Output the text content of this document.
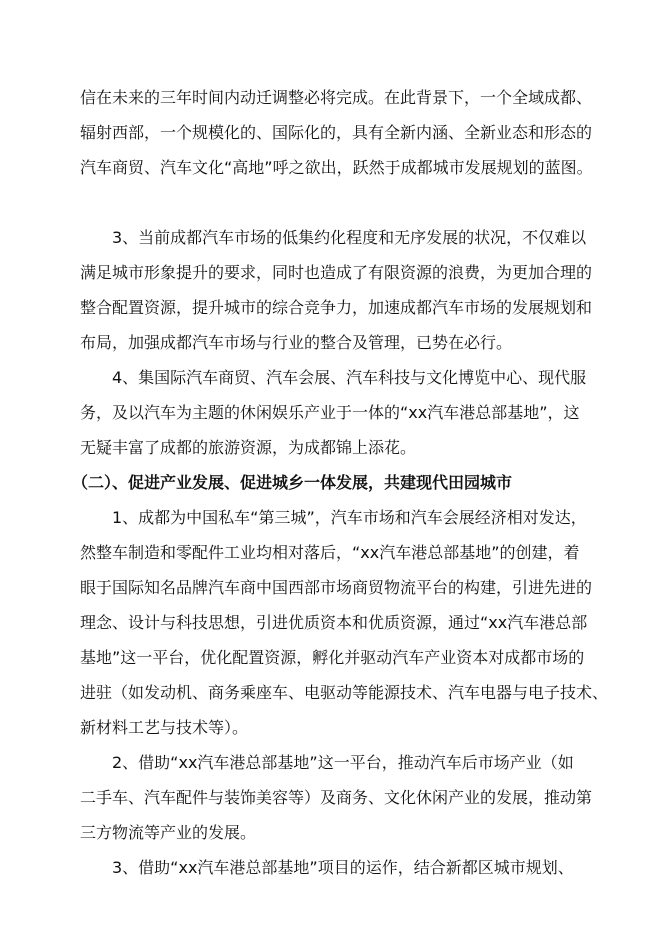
信在未来的三年时间内动迁调整必将完成。在此背景下，一个全域成都、
辐射西部，一个规模化的、国际化的，具有全新内涵、全新业态和形态的
汽车商贸、汽车文化“高地”呼之欲出，跃然于成都城市发展规划的蓝图。
3、当前成都汽车市场的低集约化程度和无序发展的状况，不仅难以
满足城市形象提升的要求，同时也造成了有限资源的浪费，为更加合理的
整合配置资源，提升城市的综合竞争力，加速成都汽车市场的发展规划和
布局，加强成都汽车市场与行业的整合及管理，已势在必行。
4、集国际汽车商贸、汽车会展、汽车科技与文化博览中心、现代服
务，及以汽车为主题的休闲娱乐产业于一体的“xx汽车港总部基地”，这
无疑丰富了成都的旅游资源，为成都锦上添花。
（二）、促进产业发展、促进城乡一体发展，共建现代田园城市
1、成都为中国私车“第三城”，汽车市场和汽车会展经济相对发达，
然整车制造和零配件工业均相对落后，“xx汽车港总部基地”的创建，着
眼于国际知名品牌汽车商中国西部市场商贸物流平台的构建，引进先进的
理念、设计与科技思想，引进优质资本和优质资源，通过“xx汽车港总部
基地”这一平台，优化配置资源，孵化并驱动汽车产业资本对成都市场的
进驻（如发动机、商务乘座车、电驱动等能源技术、汽车电器与电子技术、
新材料工艺与技术等）。
2、借助“xx汽车港总部基地”这一平台，推动汽车后市场产业（如
二手车、汽车配件与装饰美容等）及商务、文化休闲产业的发展，推动第
三方物流等产业的发展。
3、借助“xx汽车港总部基地”项目的运作，结合新都区城市规划、
